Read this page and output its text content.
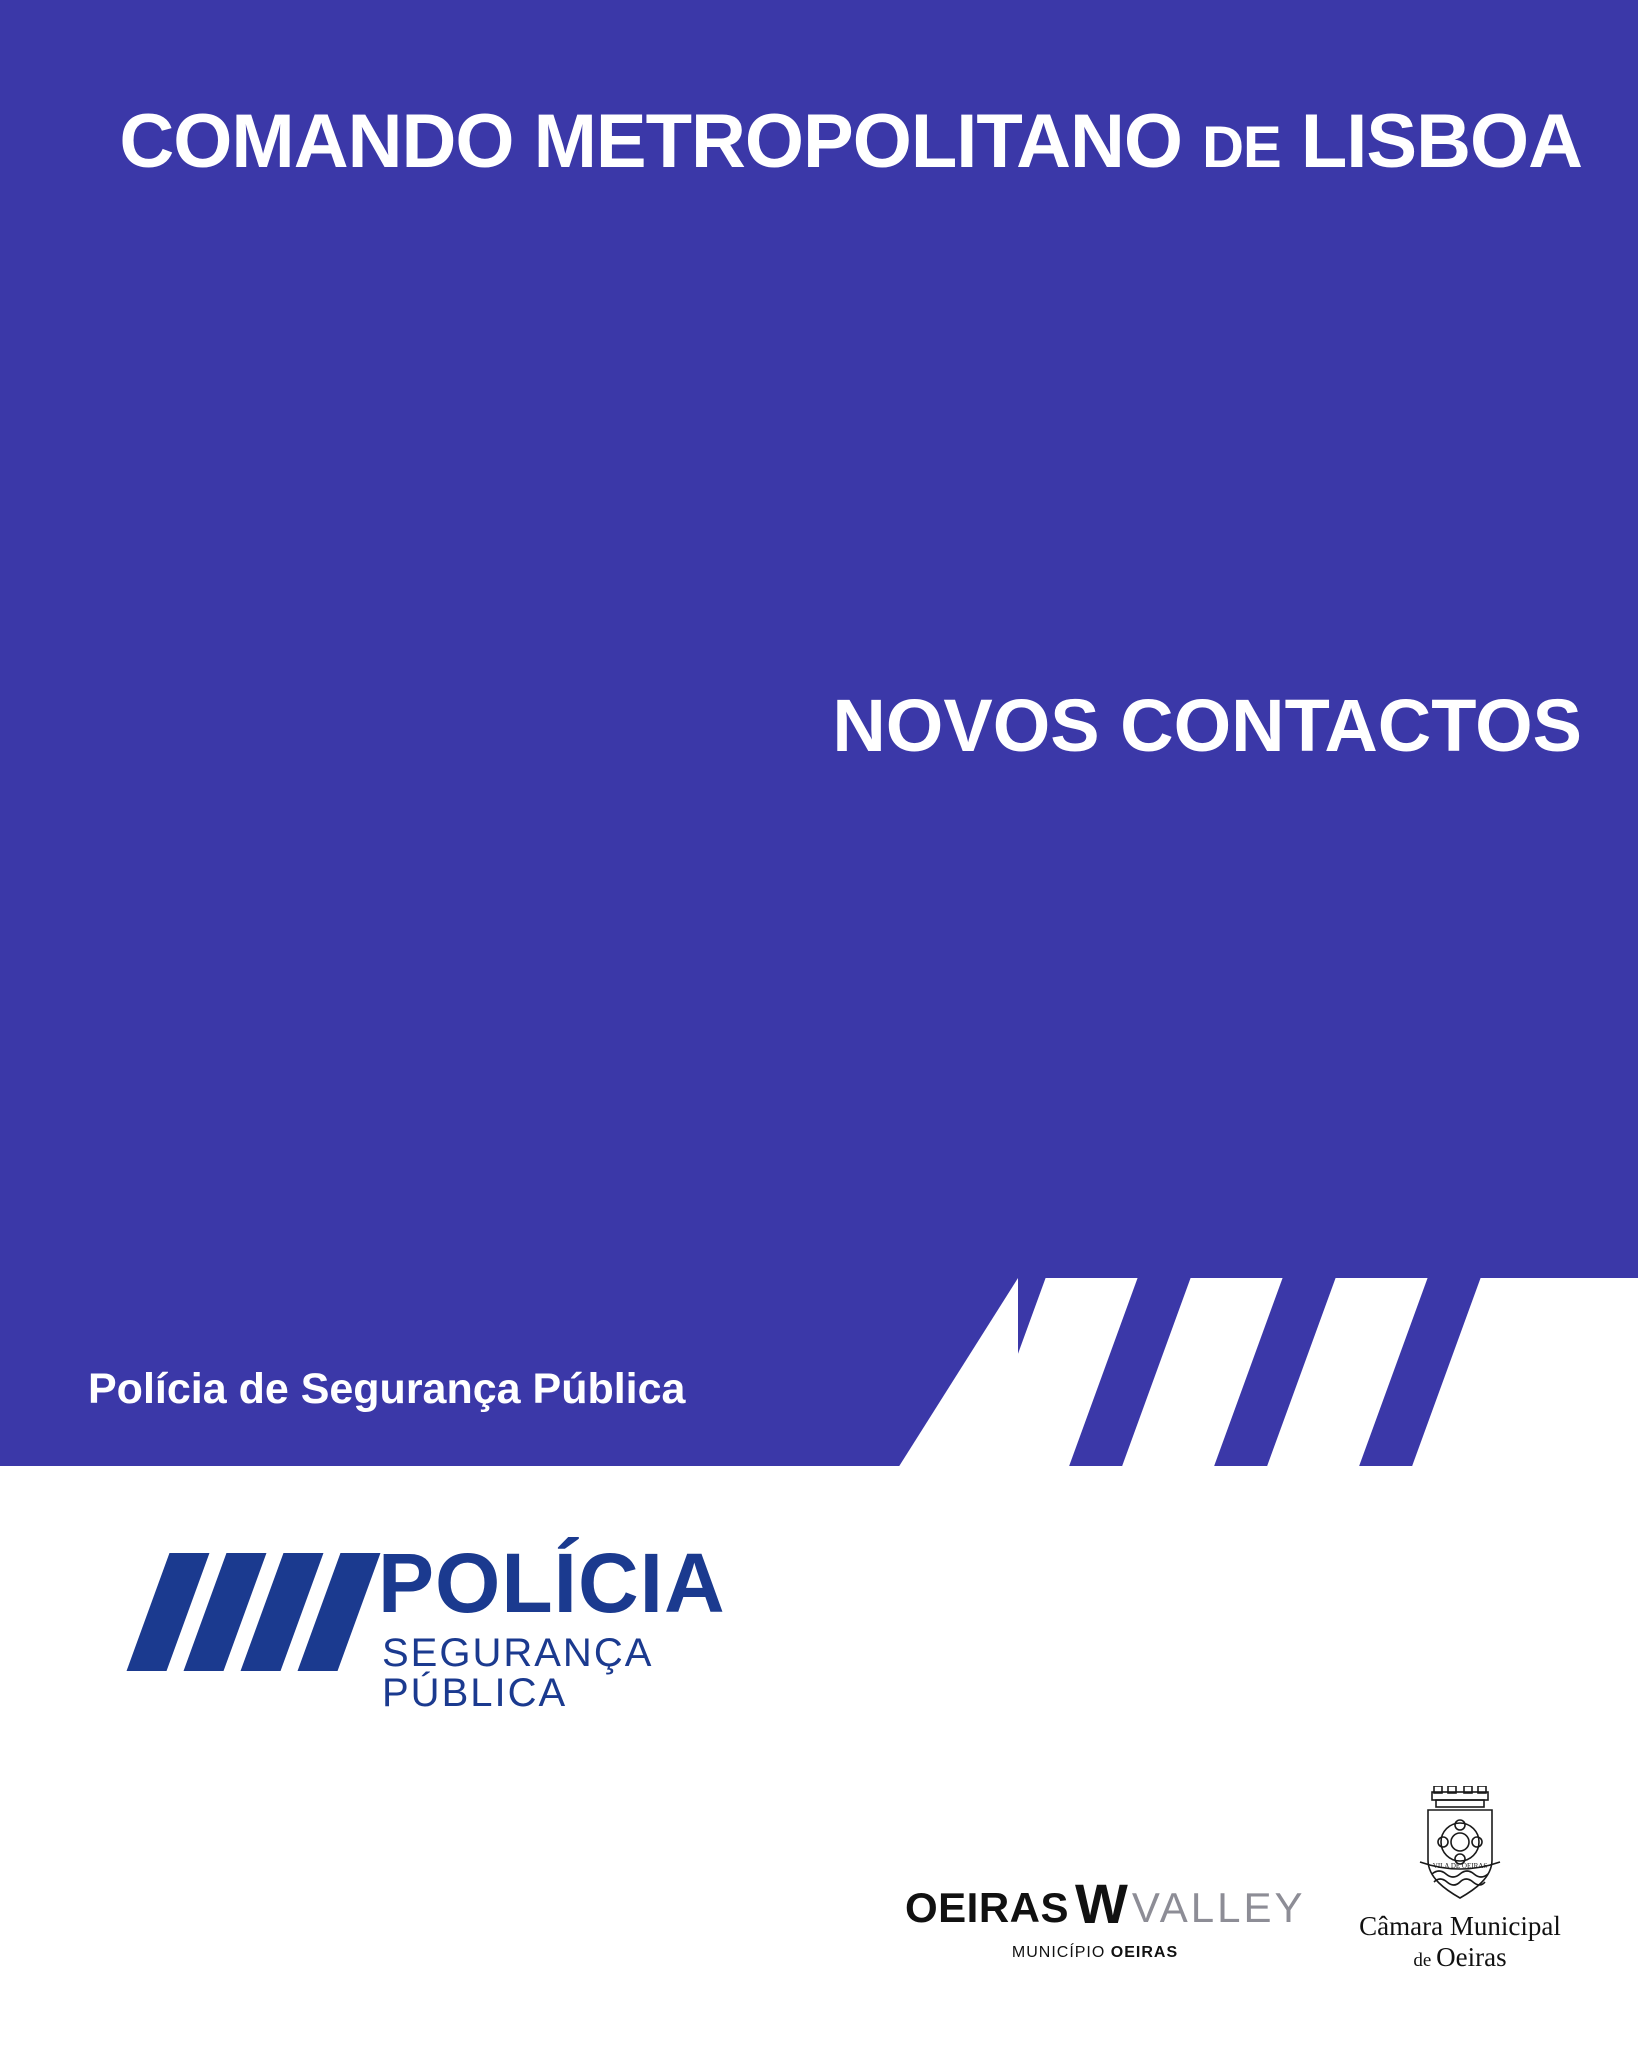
COMANDO METROPOLITANO DE LISBOA
NOVOS CONTACTOS
Polícia de Segurança Pública
POLÍCIA
SEGURANÇA PÚBLICA
OEIRAS W VALLEY
MUNICÍPIO OEIRAS
VILA DE OEIRAS
Câmara Municipal
de Oeiras
